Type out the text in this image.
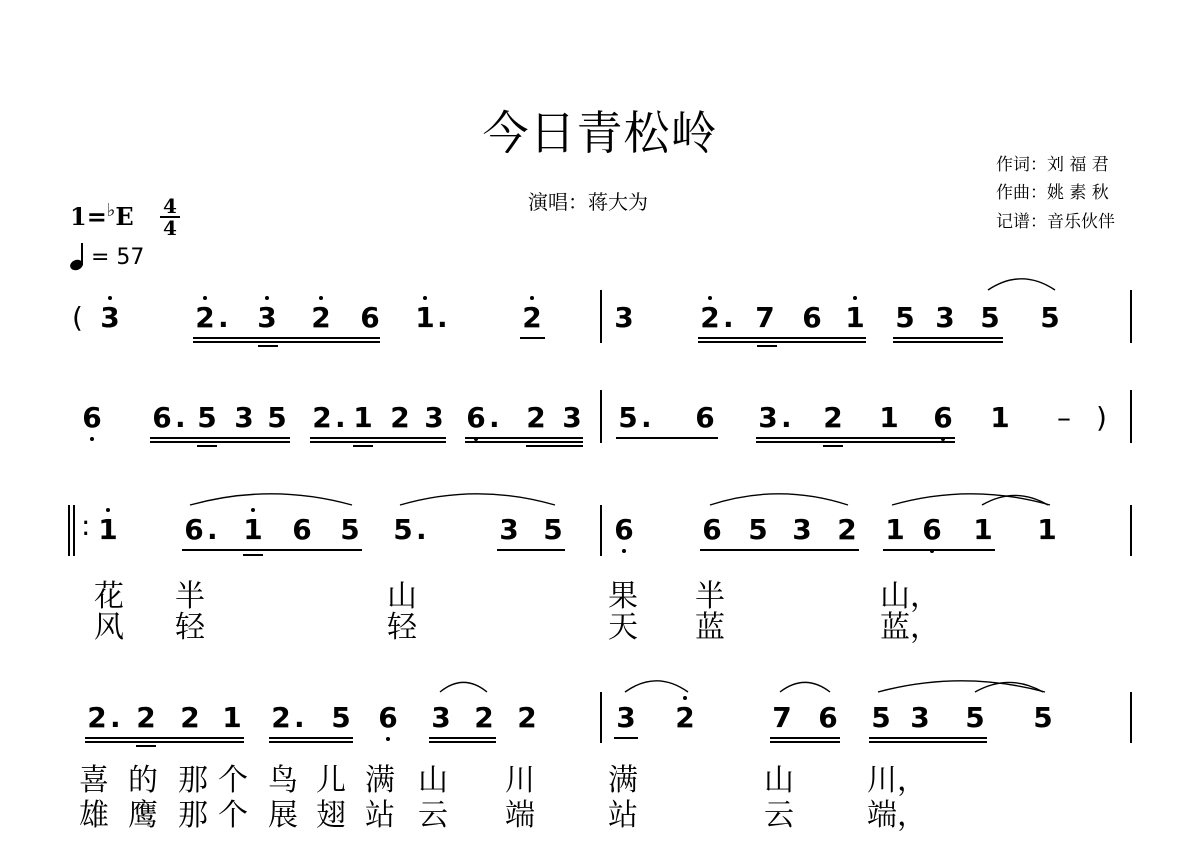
今日青松岭
演唱：蒋大为
作词：刘 福 君
作曲：姚 素 秋
记谱：音乐伙伴
1=♭E 4
4
= 57
( 3	2 . 3 2 6 1 .	2	3 2 . 7 6 1 5 3 5 5
6 6 . 5 3 5 2 . 1 2 3 6 . 2 3 5 . 6 3 . 2 1 6 1 – )
: 1 6 . 1 6 5 5 .	3 5 6 6 5 3 2 1 6 1 1
2 . 2 2 1 2 . 5 6 3 2 2	3 2	7 6 5 3 5 5
花 半	山	果 半	山，
风 轻	轻	天 蓝	蓝，
喜 的 那 个 鸟 儿 满 山 川 满	山 川，
雄 鹰 那 个 展 翅 站 云 端 站	云 端，
